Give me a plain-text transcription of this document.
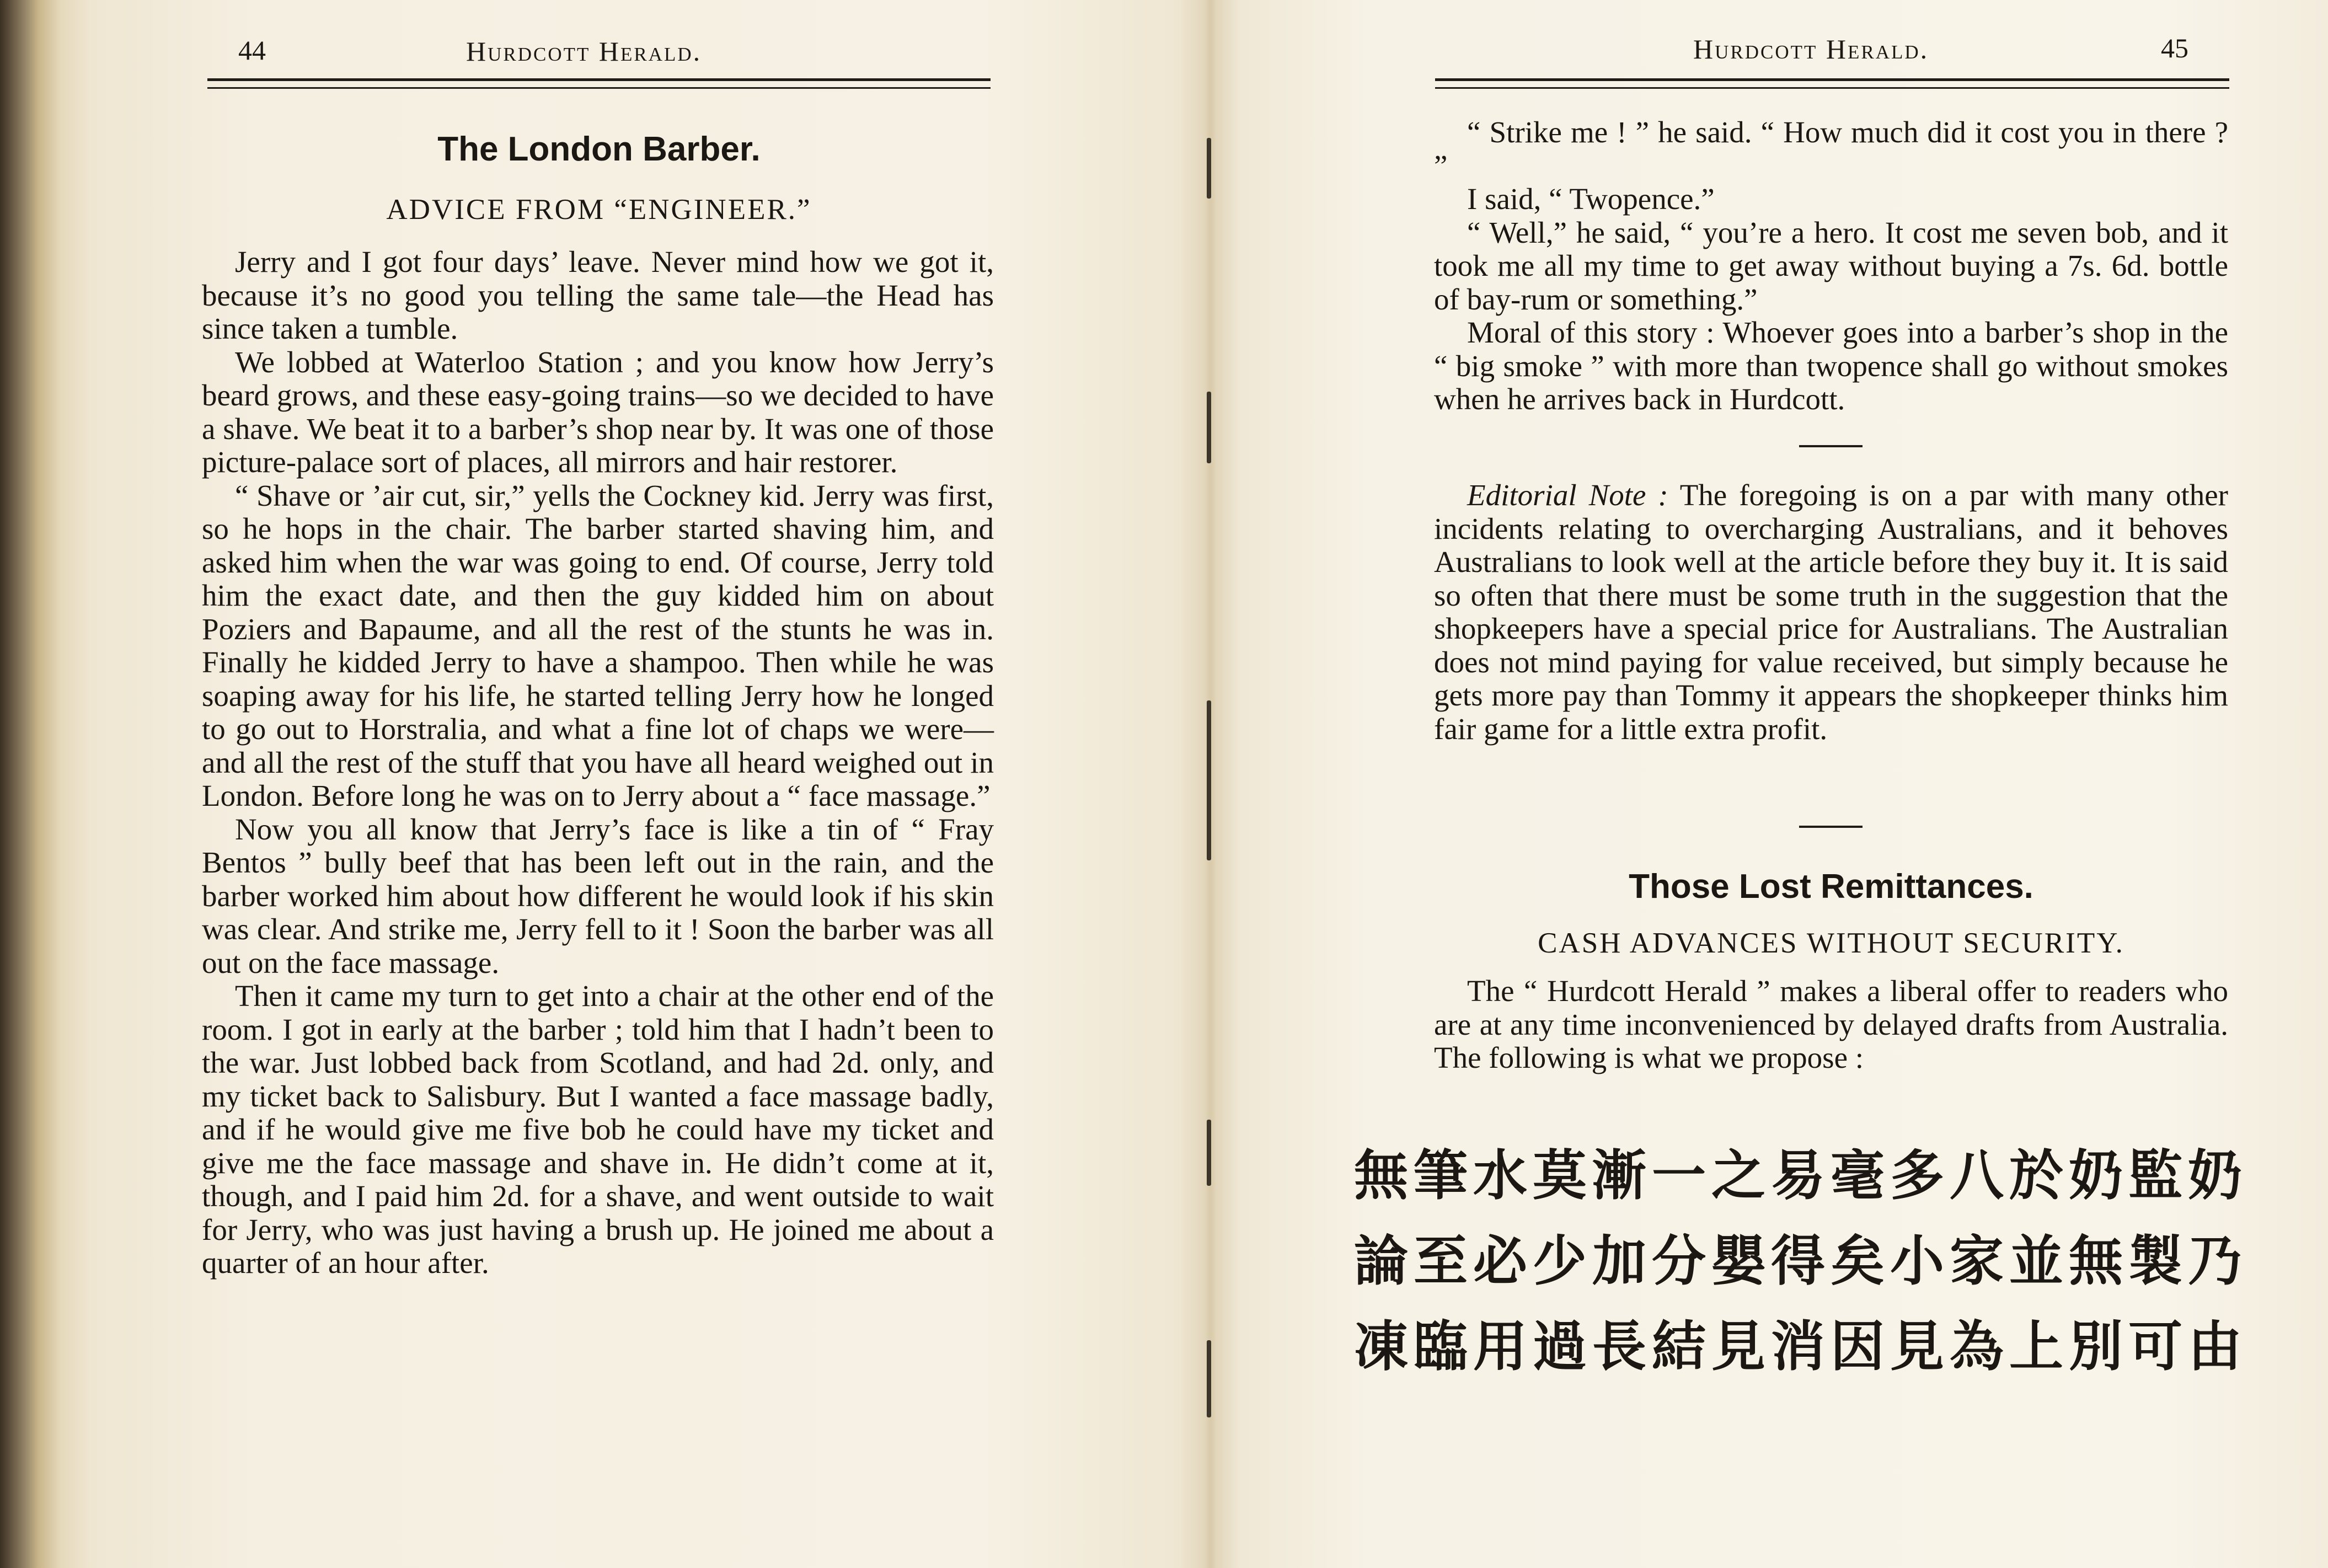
44	Hurdcott Herald.
The London Barber.
ADVICE FROM “ENGINEER.”

Jerry and I got four days’ leave. Never mind how we got it, because it’s no good you telling the same tale—the Head has since taken a tumble.

We lobbed at Waterloo Station ; and you know how Jerry’s beard grows, and these easy-going trains—so we decided to have a shave. We beat it to a barber’s shop near by. It was one of those picture-palace sort of places, all mirrors and hair restorer.

“ Shave or ’air cut, sir,” yells the Cockney kid. Jerry was first, so he hops in the chair. The barber started shaving him, and asked him when the war was going to end. Of course, Jerry told him the exact date, and then the guy kidded him on about Poziers and Bapaume, and all the rest of the stunts he was in. Finally he kidded Jerry to have a shampoo. Then while he was soaping away for his life, he started telling Jerry how he longed to go out to Horstralia, and what a fine lot of chaps we were—and all the rest of the stuff that you have all heard weighed out in London. Before long he was on to Jerry about a “ face massage.”

Now you all know that Jerry’s face is like a tin of “ Fray Bentos ” bully beef that has been left out in the rain, and the barber worked him about how different he would look if his skin was clear. And strike me, Jerry fell to it ! Soon the barber was all out on the face massage.

Then it came my turn to get into a chair at the other end of the room. I got in early at the barber ; told him that I hadn’t been to the war. Just lobbed back from Scotland, and had 2d. only, and my ticket back to Salisbury. But I wanted a face massage badly, and if he would give me five bob he could have my ticket and give me the face massage and shave in. He didn’t come at it, though, and I paid him 2d. for a shave, and went outside to wait for Jerry, who was just having a brush up. He joined me about a quarter of an hour after.

Hurdcott Herald.	45

“ Strike me ! ” he said. “ How much did it cost you in there ? ”

I said, “ Twopence.”

“ Well,” he said, “ you’re a hero. It cost me seven bob, and it took me all my time to get away without buying a 7s. 6d. bottle of bay-rum or something.”

Moral of this story : Whoever goes into a barber’s shop in the “ big smoke ” with more than twopence shall go without smokes when he arrives back in Hurdcott.

Editorial Note : The foregoing is on a par with many other incidents relating to overcharging Australians, and it behoves Australians to look well at the article before they buy it. It is said so often that there must be some truth in the suggestion that the shopkeepers have a special price for Australians. The Australian does not mind paying for value received, but simply because he gets more pay than Tommy it appears the shopkeeper thinks him fair game for a little extra profit.

Those Lost Remittances.
CASH ADVANCES WITHOUT SECURITY.

The “ Hurdcott Herald ” makes a liberal offer to readers who are at any time inconvenienced by delayed drafts from Australia. The following is what we propose :

無筆水莫漸一之易毫多八於奶監奶
論至必少加分嬰得矣小家並無製乃
凍臨用過長結見消因見為上別可由
